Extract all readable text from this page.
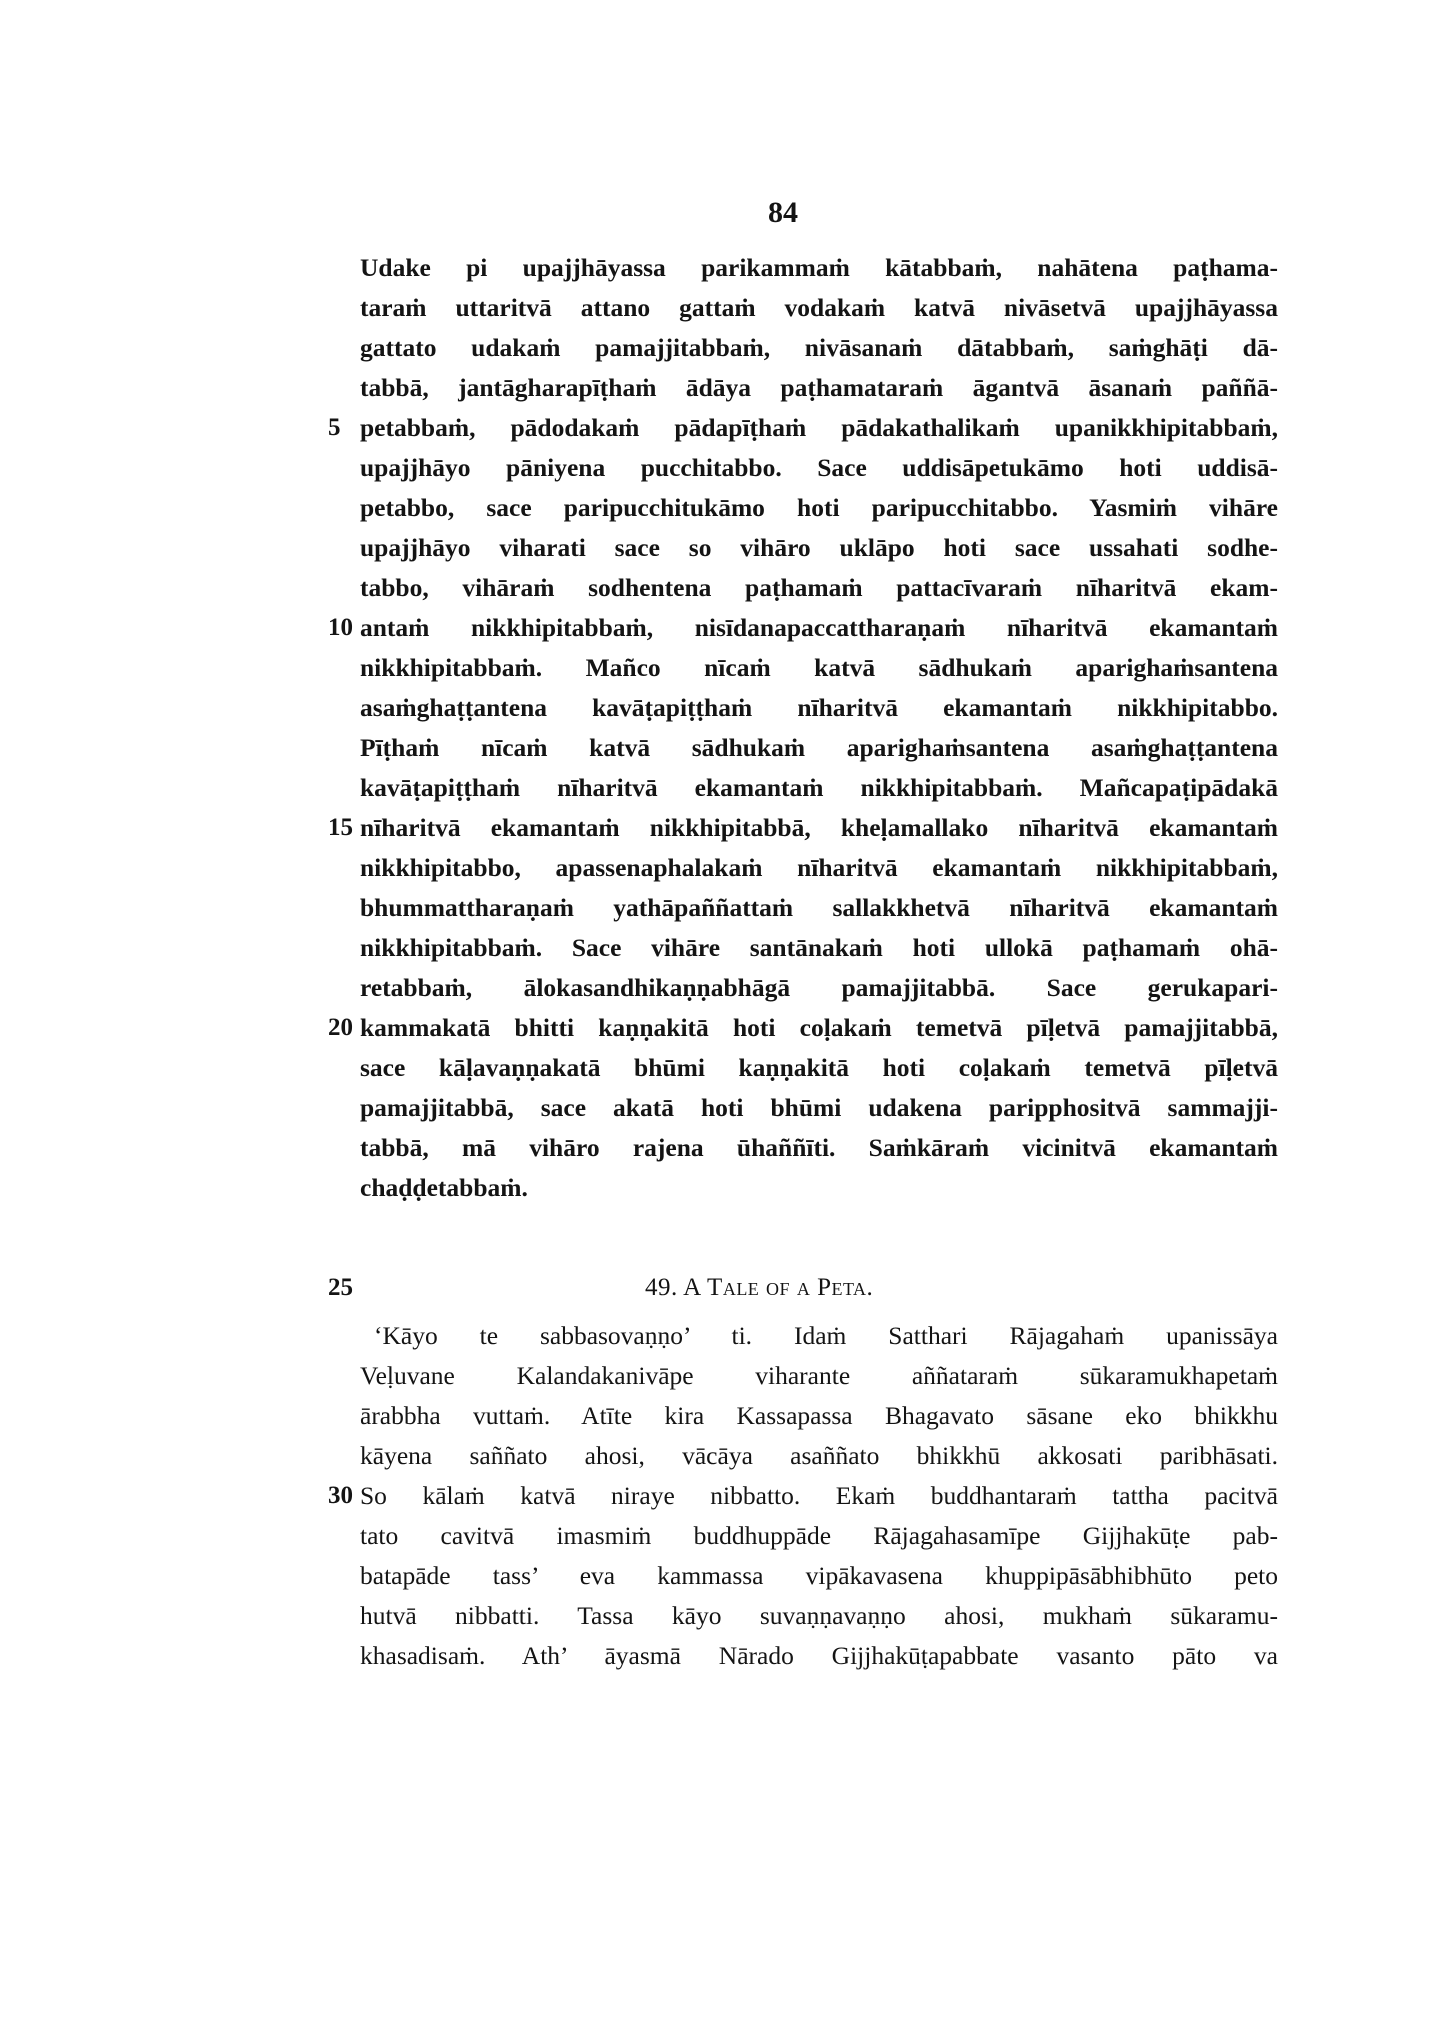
84
Udake pi upajjhāyassa parikammaṁ kātabbaṁ, nahātena paṭhama-
taraṁ uttaritvā attano gattaṁ vodakaṁ katvā nivāsetvā upajjhāyassa
gattato udakaṁ pamajjitabbaṁ, nivāsanaṁ dātabbaṁ, saṁghāṭi dā-
tabbā, jantāgharapīṭhaṁ ādāya paṭhamataraṁ āgantvā āsanaṁ paññā-
5 petabbaṁ, pādodakaṁ pādapīṭhaṁ pādakathalikaṁ upanikkhipitabbaṁ,
upajjhāyo pāniyena pucchitabbo. Sace uddisāpetukāmo hoti uddisā-
petabbo, sace paripucchitukāmo hoti paripucchitabbo. Yasmiṁ vihāre
upajjhāyo viharati sace so vihāro uklāpo hoti sace ussahati sodhe-
tabbo, vihāraṁ sodhentena paṭhamaṁ pattacīvaraṁ nīharitvā ekam-
10 antaṁ nikkhipitabbaṁ, nisīdanapaccattharaṇaṁ nīharitvā ekamantaṁ
nikkhipitabbaṁ. Mañco nīcaṁ katvā sādhukaṁ aparighaṁsantena
asaṁghaṭṭantena kavāṭapiṭṭhaṁ nīharitvā ekamantaṁ nikkhipitabbo.
Pīṭhaṁ nīcaṁ katvā sādhukaṁ aparighaṁsantena asaṁghaṭṭantena
kavāṭapiṭṭhaṁ nīharitvā ekamantaṁ nikkhipitabbaṁ. Mañcapaṭipādakā
15 nīharitvā ekamantaṁ nikkhipitabbā, kheḷamallako nīharitvā ekamantaṁ
nikkhipitabbo, apassenaphalakaṁ nīharitvā ekamantaṁ nikkhipitabbaṁ,
bhummattharaṇaṁ yathāpaññattaṁ sallakkhetvā nīharitvā ekamantaṁ
nikkhipitabbaṁ. Sace vihāre santānakaṁ hoti ullokā paṭhamaṁ ohā-
retabbaṁ, ālokasandhikaṇṇabhāgā pamajjitabbā. Sace gerukapari-
20 kammakatā bhitti kaṇṇakitā hoti coḷakaṁ temetvā pīḷetvā pamajjitabbā,
sace kāḷavaṇṇakatā bhūmi kaṇṇakitā hoti coḷakaṁ temetvā pīḷetvā
pamajjitabbā, sace akatā hoti bhūmi udakena paripphositvā sammajji-
tabbā, mā vihāro rajena ūhaññīti. Saṁkāraṁ vicinitvā ekamantaṁ
chaḍḍetabbaṁ.
25	49. A Tale of a Peta.
‘Kāyo te sabbasovaṇṇo’ ti. Idaṁ Satthari Rājagahaṁ upanissāya
Veḷuvane Kalandakanivāpe viharante aññataraṁ sūkaramukhapetaṁ
ārabbha vuttaṁ. Atīte kira Kassapassa Bhagavato sāsane eko bhikkhu
kāyena saññato ahosi, vācāya asaññato bhikkhū akkosati paribhāsati.
30 So kālaṁ katvā niraye nibbatto. Ekaṁ buddhantaraṁ tattha pacitvā
tato cavitvā imasmiṁ buddhuppāde Rājagahasamīpe Gijjhakūṭe pab-
batapāde tass’ eva kammassa vipākavasena khuppipāsābhibhūto peto
hutvā nibbatti. Tassa kāyo suvaṇṇavaṇṇo ahosi, mukhaṁ sūkaramu-
khasadisaṁ. Ath’ āyasmā Nārado Gijjhakūṭapabbate vasanto pāto va
